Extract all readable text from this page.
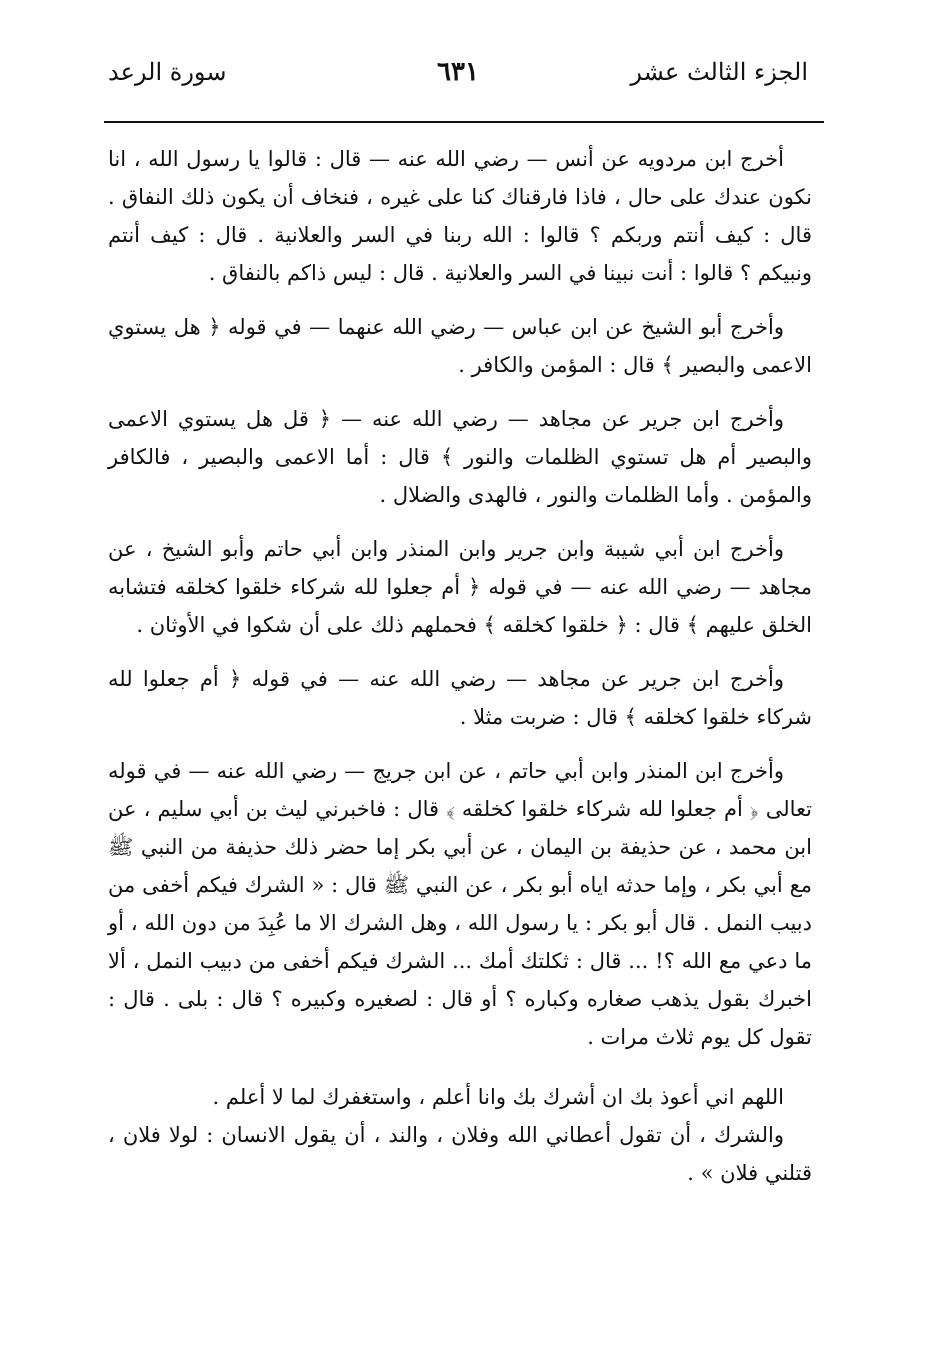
الجزء الثالث عشر
٦٣١
سورة الرعد

أخرج ابن مردويه عن أنس — رضي الله عنه — قال : قالوا يا رسول الله ، انا نكون عندك على حال ، فاذا فارقناك كنا على غيره ، فنخاف أن يكون ذلك النفاق . قال : كيف أنتم وربكم ؟ قالوا : الله ربنا في السر والعلانية . قال : كيف أنتم ونبيكم ؟ قالوا : أنت نبينا في السر والعلانية . قال : ليس ذاكم بالنفاق .

وأخرج أبو الشيخ عن ابن عباس — رضي الله عنهما — في قوله ﴿ هل يستوي الاعمى والبصير ﴾ قال : المؤمن والكافر .

وأخرج ابن جرير عن مجاهد — رضي الله عنه — ﴿ قل هل يستوي الاعمى والبصير أم هل تستوي الظلمات والنور ﴾ قال : أما الاعمى والبصير ، فالكافر والمؤمن . وأما الظلمات والنور ، فالهدى والضلال .

وأخرج ابن أبي شيبة وابن جرير وابن المنذر وابن أبي حاتم وأبو الشيخ ، عن مجاهد — رضي الله عنه — في قوله ﴿ أم جعلوا لله شركاء خلقوا كخلقه فتشابه الخلق عليهم ﴾ قال : ﴿ خلقوا كخلقه ﴾ فحملهم ذلك على أن شكوا في الأوثان .

وأخرج ابن جرير عن مجاهد — رضي الله عنه — في قوله ﴿ أم جعلوا لله شركاء خلقوا كخلقه ﴾ قال : ضربت مثلا .

وأخرج ابن المنذر وابن أبي حاتم ، عن ابن جريج — رضي الله عنه — في قوله تعالى ﴿ أم جعلوا لله شركاء خلقوا كخلقه ﴾ قال : فاخبرني ليث بن أبي سليم ، عن ابن محمد ، عن حذيفة بن اليمان ، عن أبي بكر إما حضر ذلك حذيفة من النبي ﷺ مع أبي بكر ، وإما حدثه اياه أبو بكر ، عن النبي ﷺ قال : « الشرك فيكم أخفى من دبيب النمل . قال أبو بكر : يا رسول الله ، وهل الشرك الا ما عُبِدَ من دون الله ، أو ما دعي مع الله ؟! ... قال : ثكلتك أمك ... الشرك فيكم أخفى من دبيب النمل ، ألا اخبرك بقول يذهب صغاره وكباره ؟ أو قال : لصغيره وكبيره ؟ قال : بلى . قال : تقول كل يوم ثلاث مرات .

اللهم اني أعوذ بك ان أشرك بك وانا أعلم ، واستغفرك لما لا أعلم .

والشرك ، أن تقول أعطاني الله وفلان ، والند ، أن يقول الانسان : لولا فلان ، قتلني فلان » .
